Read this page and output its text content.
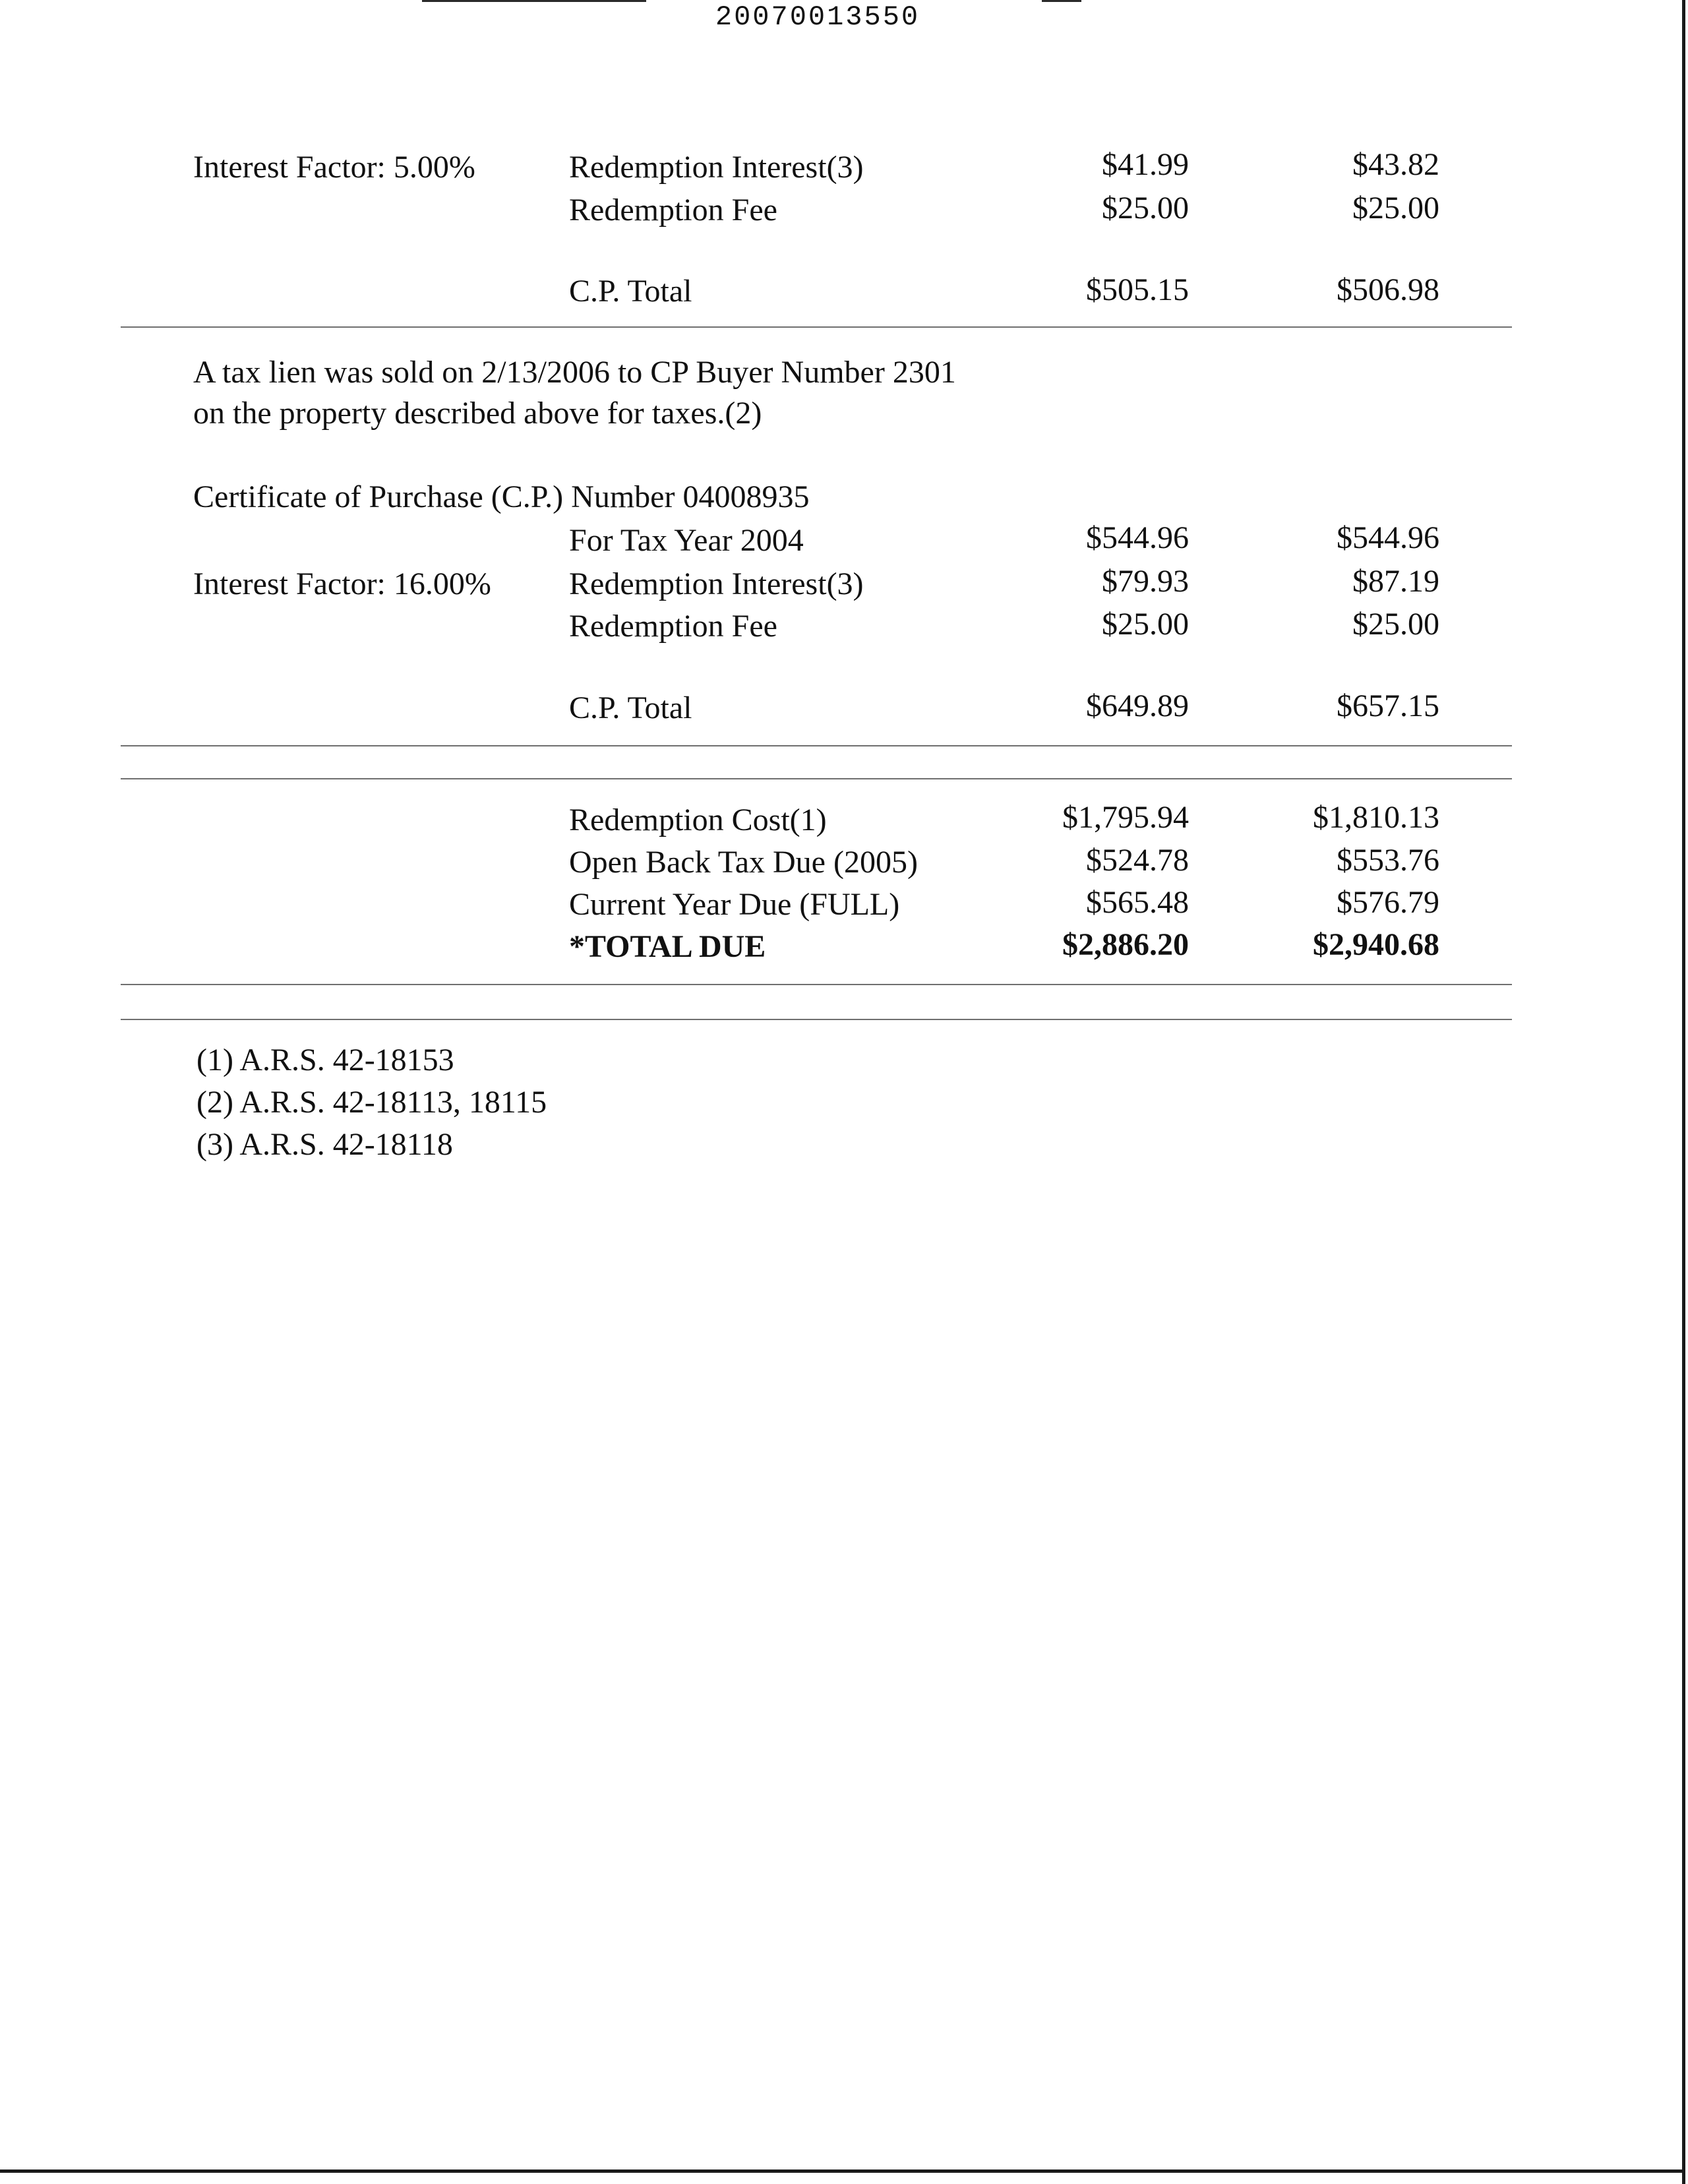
20070013550
Interest Factor: 5.00%	Redemption Interest(3)	$41.99	$43.82
Redemption Fee	$25.00	$25.00
C.P. Total	$505.15	$506.98
A tax lien was sold on 2/13/2006 to CP Buyer Number 2301
on the property described above for taxes.(2)
Certificate of Purchase (C.P.) Number 04008935
For Tax Year 2004	$544.96	$544.96
Interest Factor: 16.00% Redemption Interest(3)	$79.93	$87.19
Redemption Fee	$25.00	$25.00
C.P. Total	$649.89	$657.15
Redemption Cost(1)	$1,795.94	$1,810.13
Open Back Tax Due (2005)	$524.78	$553.76
Current Year Due (FULL)	$565.48	$576.79
*TOTAL DUE	$2,886.20	$2,940.68
(1) A.R.S. 42-18153
(2) A.R.S. 42-18113, 18115
(3) A.R.S. 42-18118
